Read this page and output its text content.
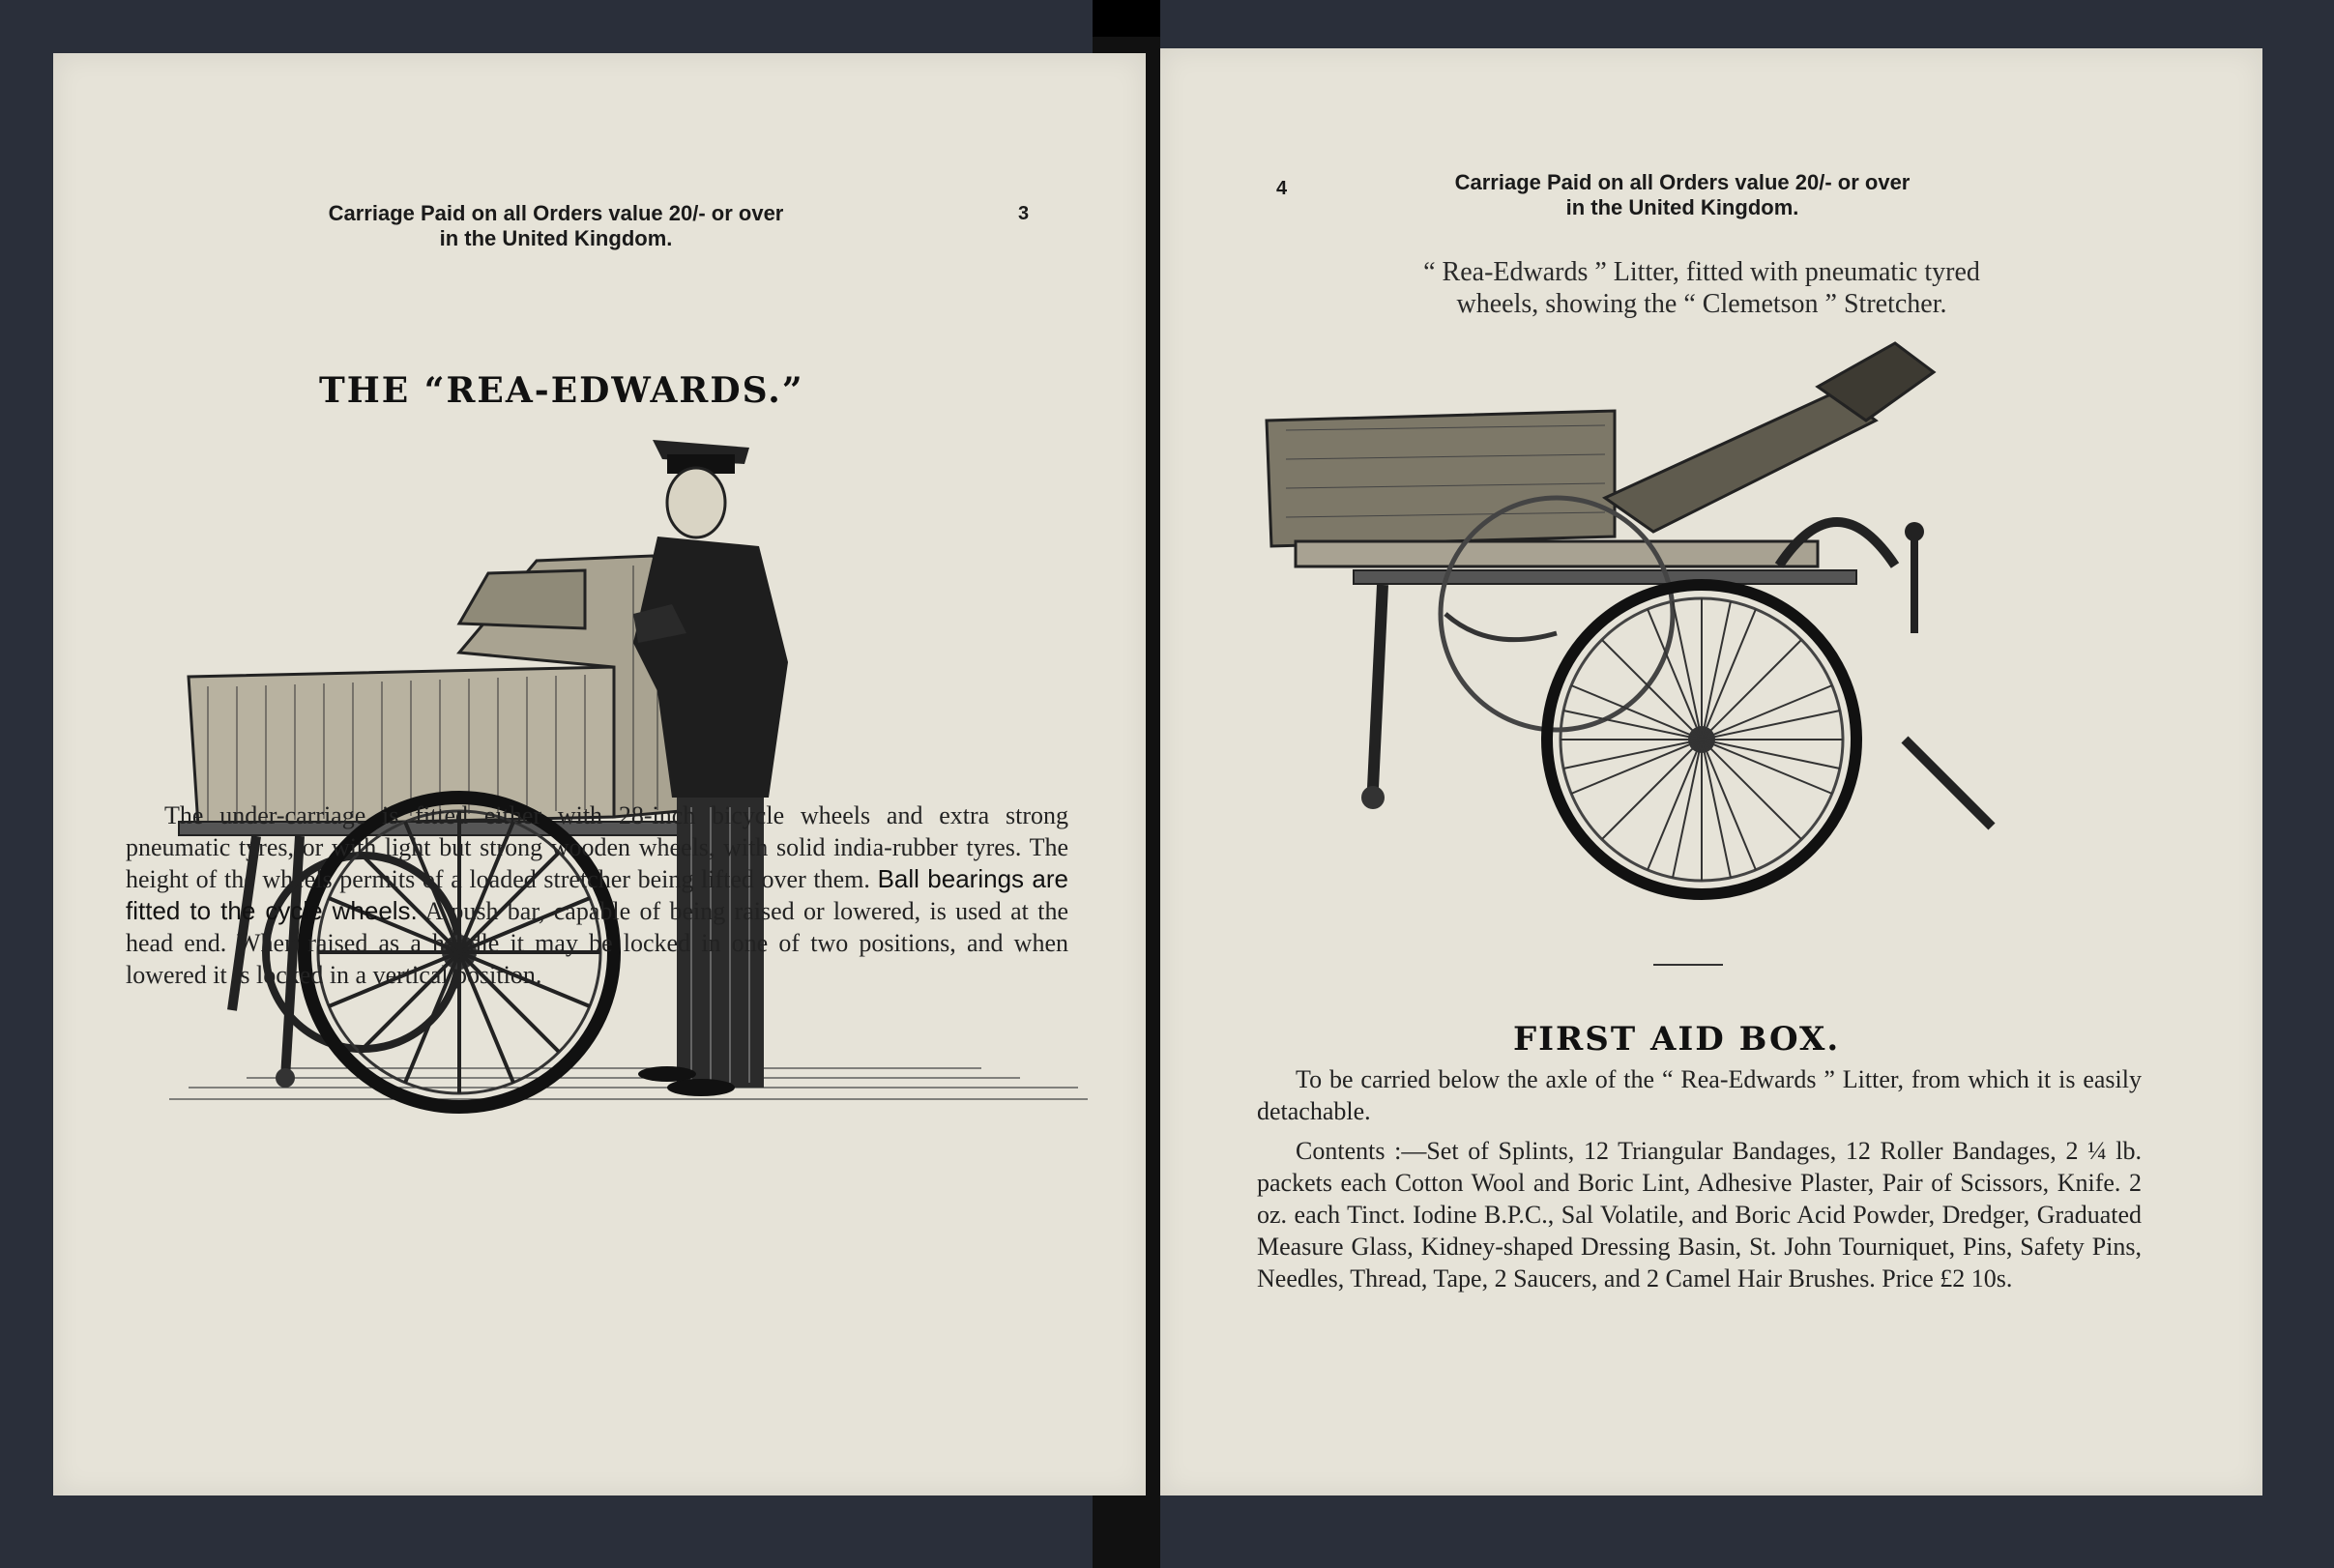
Carriage Paid on all Orders value 20/- or over
in the United Kingdom.
3
THE “REA-EDWARDS.”

The under-carriage is fitted either with 28-inch bicycle wheels and extra strong pneumatic tyres, or with light but strong wooden wheels, with solid india-rubber tyres. The height of the wheels permits of a loaded stretcher being lifted over them. Ball bearings are fitted to the cycle wheels. A push bar, capable of being raised or lowered, is used at the head end. When raised as a handle it may be locked in one of two positions, and when lowered it is locked in a vertical position.

4	Carriage Paid on all Orders value 20/- or over
in the United Kingdom.
“ Rea-Edwards ” Litter, fitted with pneumatic tyred
wheels, showing the “ Clemetson ” Stretcher.
FIRST AID BOX.

To be carried below the axle of the “ Rea-Edwards ” Litter, from which it is easily detachable.

Contents :—Set of Splints, 12 Triangular Bandages, 12 Roller Bandages, 2 ¼ lb. packets each Cotton Wool and Boric Lint, Adhesive Plaster, Pair of Scissors, Knife. 2 oz. each Tinct. Iodine B.P.C., Sal Volatile, and Boric Acid Powder, Dredger, Graduated Measure Glass, Kidney-shaped Dressing Basin, St. John Tourniquet, Pins, Safety Pins, Needles, Thread, Tape, 2 Saucers, and 2 Camel Hair Brushes. Price £2 10s.
